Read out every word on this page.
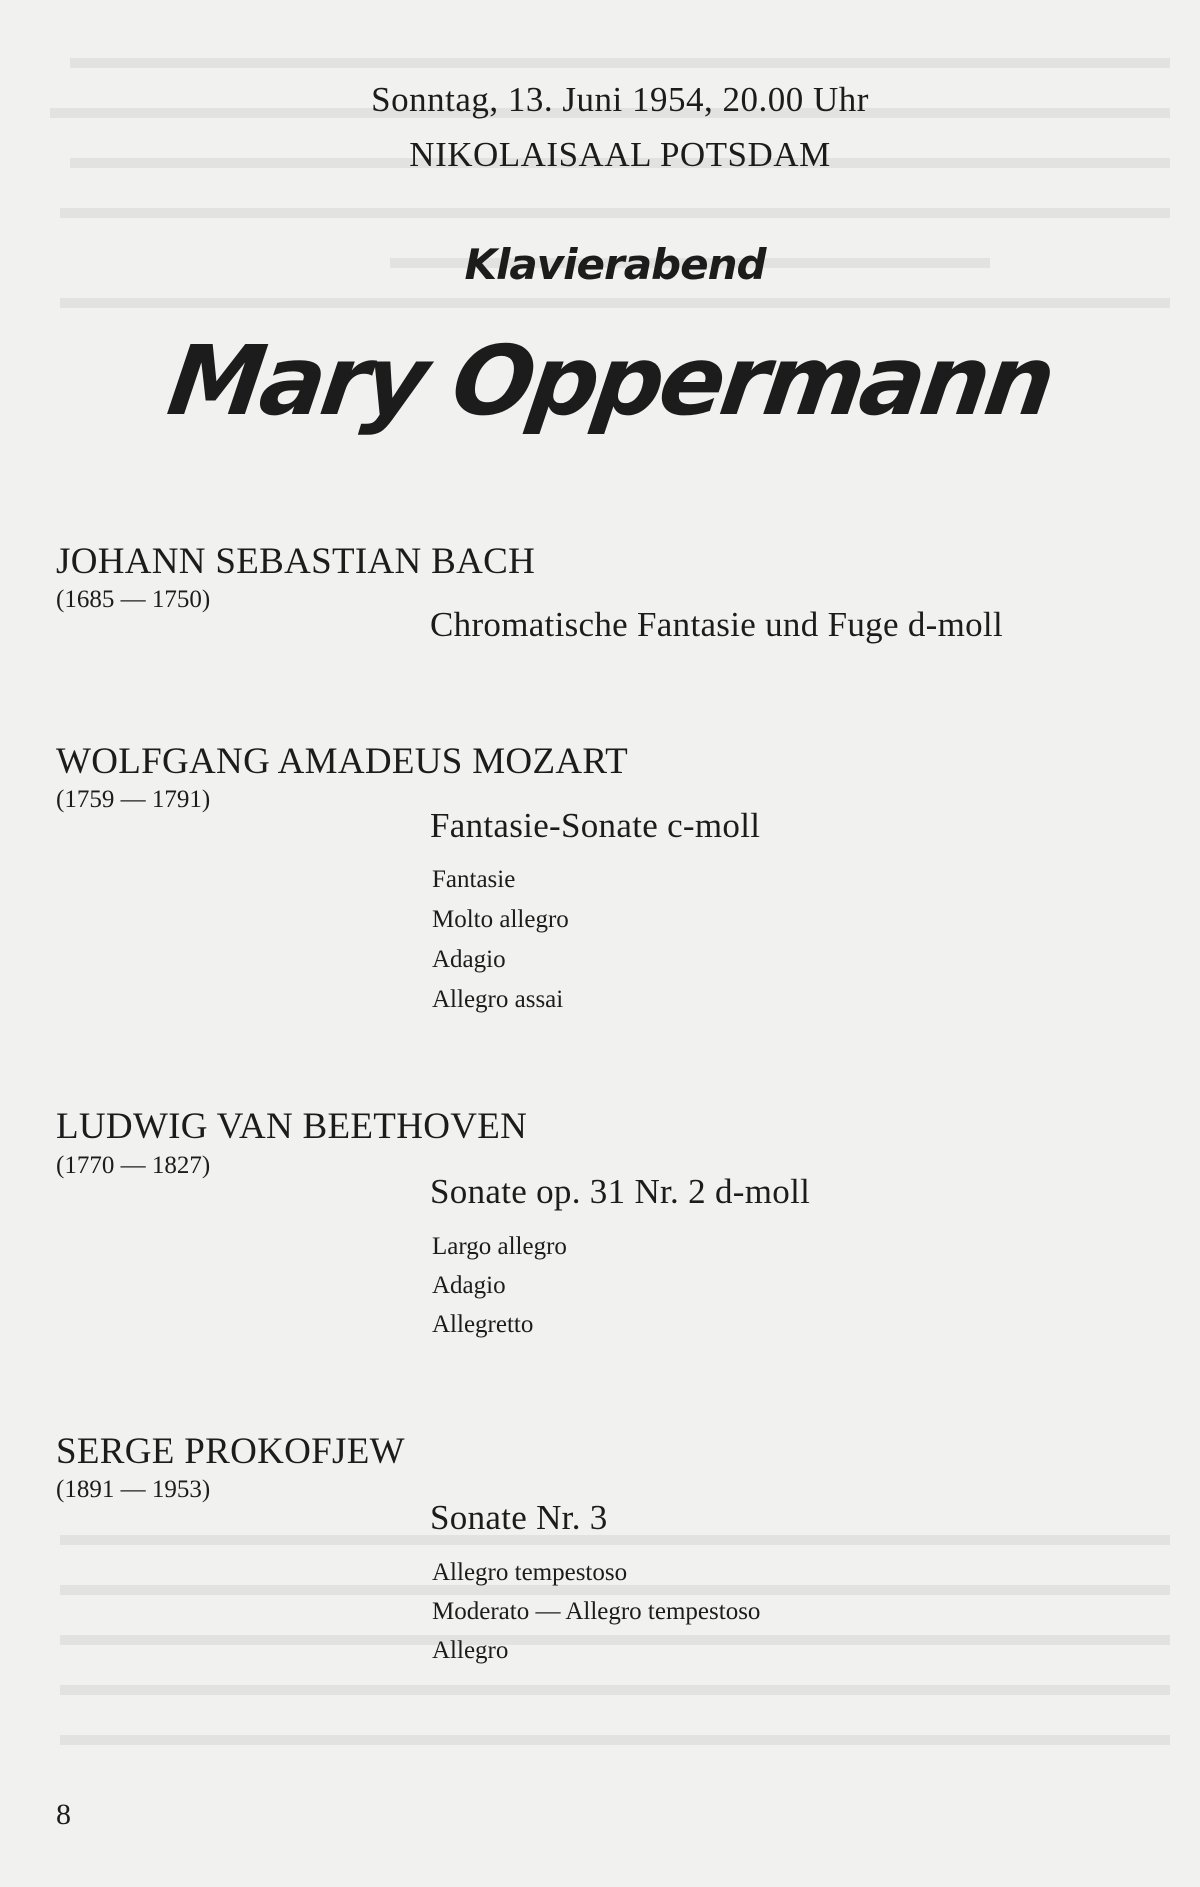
Sonntag, 13. Juni 1954, 20.00 Uhr
NIKOLAISAAL POTSDAM
Klavierabend
Mary Oppermann
JOHANN SEBASTIAN BACH
(1685 — 1750)
Chromatische Fantasie und Fuge d-moll
WOLFGANG AMADEUS MOZART
(1759 — 1791)
Fantasie-Sonate c-moll
Fantasie
Molto allegro
Adagio
Allegro assai
LUDWIG VAN BEETHOVEN
(1770 — 1827)
Sonate op. 31 Nr. 2 d-moll
Largo allegro
Adagio
Allegretto
SERGE PROKOFJEW
(1891 — 1953)
Sonate Nr. 3
Allegro tempestoso
Moderato — Allegro tempestoso
Allegro
8
